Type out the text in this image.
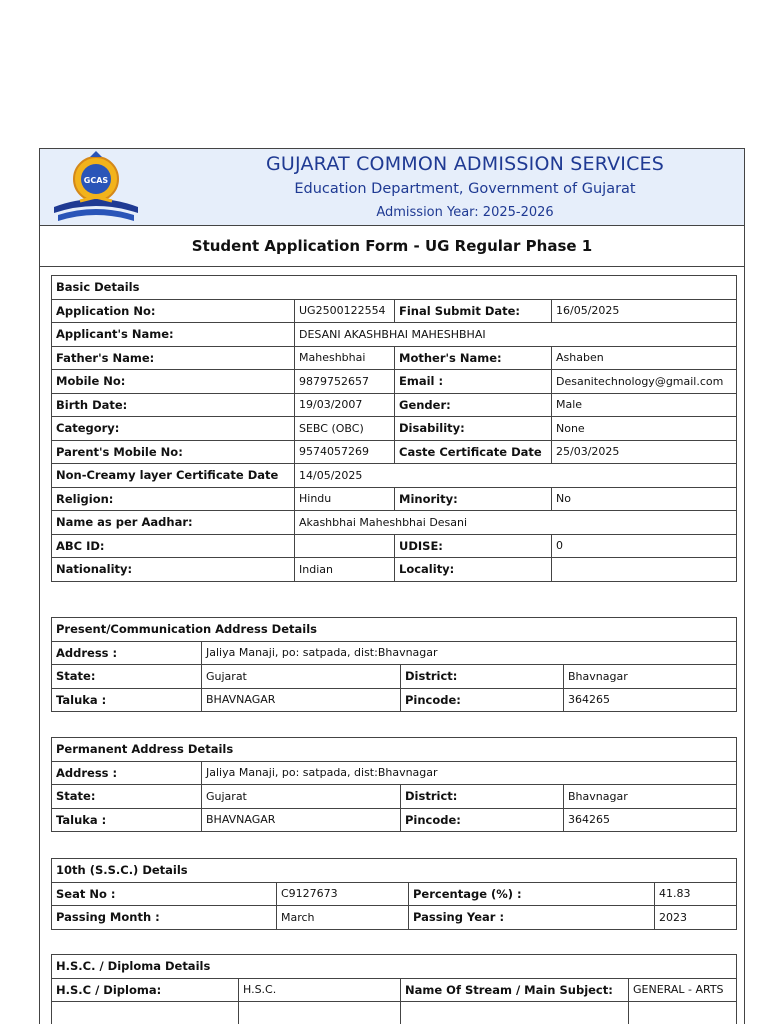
GCAS
GUJARAT COMMON ADMISSION SERVICES
Education Department, Government of Gujarat
Admission Year: 2025-2026
Student Application Form - UG Regular Phase 1
Basic Details			
Application No:	UG2500122554	Final Submit Date:	16/05/2025
Applicant's Name:	DESANI AKASHBHAI MAHESHBHAI		
Father's Name:	Maheshbhai	Mother's Name:	Ashaben
Mobile No:	9879752657	Email :	Desanitechnology@gmail.com
Birth Date:	19/03/2007	Gender:	Male
Category:	SEBC (OBC)	Disability:	None
Parent's Mobile No:	9574057269	Caste Certificate Date	25/03/2025
Non-Creamy layer Certificate Date	14/05/2025		
Religion:	Hindu	Minority:	No
Name as per Aadhar:	Akashbhai Maheshbhai Desani		
ABC ID:		UDISE:	0
Nationality:	Indian	Locality:	
Present/Communication Address Details			
Address :	Jaliya Manaji, po: satpada, dist:Bhavnagar		
State:	Gujarat	District:	Bhavnagar
Taluka :	BHAVNAGAR	Pincode:	364265
Permanent Address Details			
Address :	Jaliya Manaji, po: satpada, dist:Bhavnagar		
State:	Gujarat	District:	Bhavnagar
Taluka :	BHAVNAGAR	Pincode:	364265
10th (S.S.C.) Details			
Seat No :	C9127673	Percentage (%) :	41.83
Passing Month :	March	Passing Year :	2023
H.S.C. / Diploma Details			
H.S.C / Diploma:	H.S.C.	Name Of Stream / Main Subject:	GENERAL - ARTS
